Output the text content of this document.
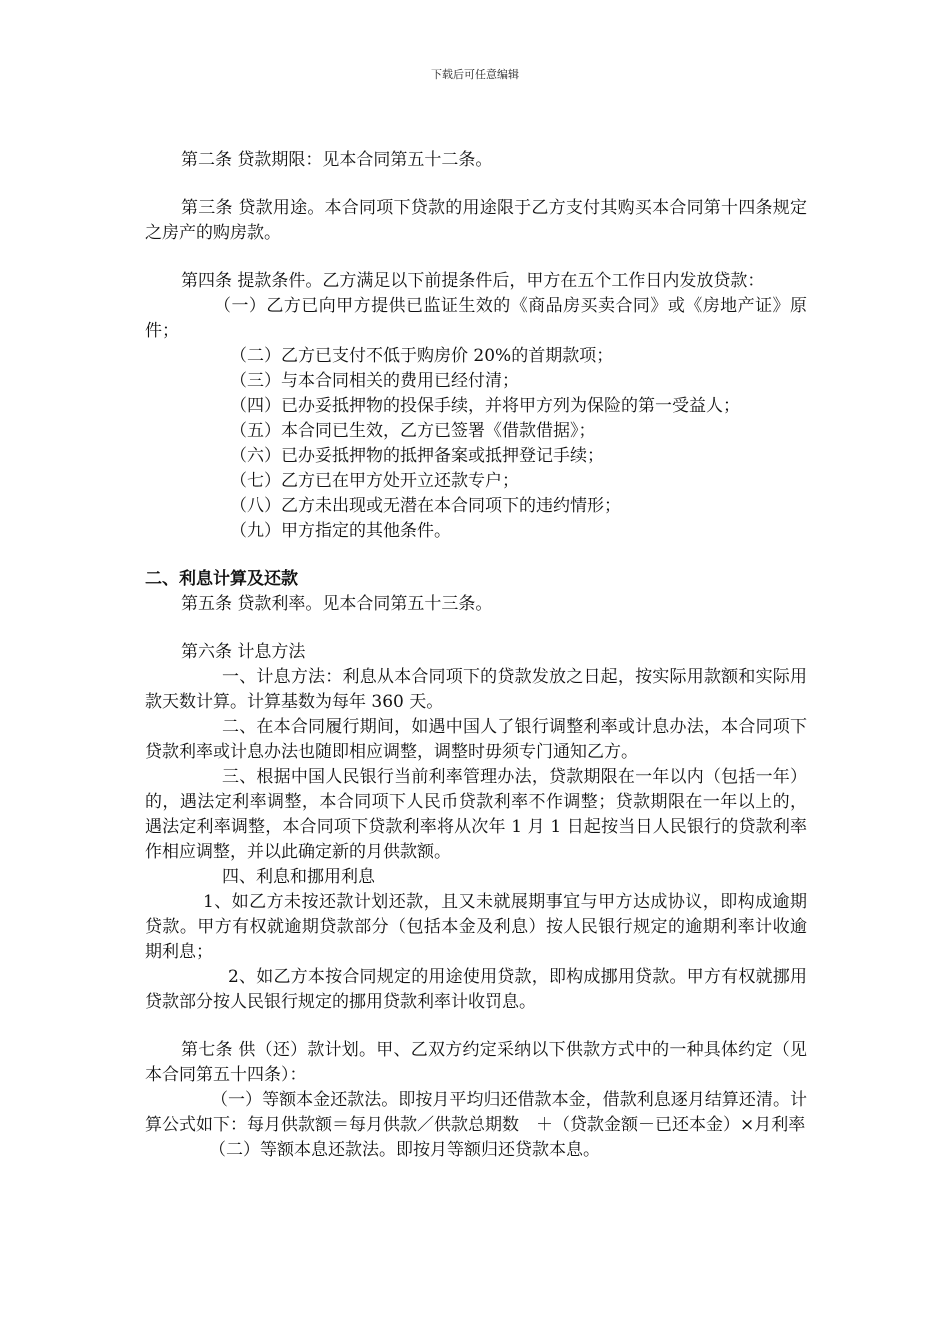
下载后可任意编辑

第二条 贷款期限：见本合同第五十二条。

第三条 贷款用途。本合同项下贷款的用途限于乙方支付其购买本合同第十四条规定之房产的购房款。

第四条 提款条件。乙方满足以下前提条件后，甲方在五个工作日内发放贷款：

（一）乙方已向甲方提供已监证生效的《商品房买卖合同》或《房地产证》原件；

（二）乙方已支付不低于购房价 20%的首期款项；

（三）与本合同相关的费用已经付清；

（四）已办妥抵押物的投保手续，并将甲方列为保险的第一受益人；

（五）本合同已生效，乙方已签署《借款借据》；

（六）已办妥抵押物的抵押备案或抵押登记手续；

（七）乙方已在甲方处开立还款专户；

（八）乙方未出现或无潜在本合同项下的违约情形；

（九）甲方指定的其他条件。

二、利息计算及还款

第五条 贷款利率。见本合同第五十三条。

第六条 计息方法

一、计息方法：利息从本合同项下的贷款发放之日起，按实际用款额和实际用款天数计算。计算基数为每年 360 天。

二、在本合同履行期间，如遇中国人了银行调整利率或计息办法，本合同项下贷款利率或计息办法也随即相应调整，调整时毋须专门通知乙方。

三、根据中国人民银行当前利率管理办法，贷款期限在一年以内（包括一年）的，遇法定利率调整，本合同项下人民币贷款利率不作调整；贷款期限在一年以上的，遇法定利率调整，本合同项下贷款利率将从次年 1 月 1 日起按当日人民银行的贷款利率作相应调整，并以此确定新的月供款额。

四、利息和挪用利息

1、如乙方未按还款计划还款，且又未就展期事宜与甲方达成协议，即构成逾期贷款。甲方有权就逾期贷款部分（包括本金及利息）按人民银行规定的逾期利率计收逾期利息；

2、如乙方本按合同规定的用途使用贷款，即构成挪用贷款。甲方有权就挪用贷款部分按人民银行规定的挪用贷款利率计收罚息。

第七条 供（还）款计划。甲、乙双方约定采纳以下供款方式中的一种具体约定（见本合同第五十四条）：

（一）等额本金还款法。即按月平均归还借款本金，借款利息逐月结算还清。计算公式如下：每月供款额＝每月供款／供款总期数　＋（贷款金额－已还本金）×月利率

（二）等额本息还款法。即按月等额归还贷款本息。
